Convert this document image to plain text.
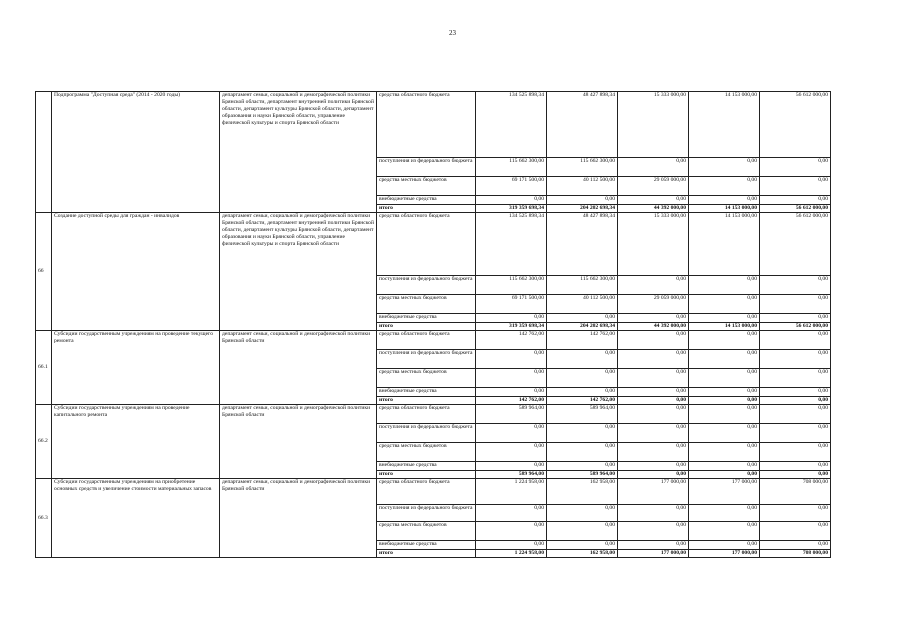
23
	Подпрограмма "Доступная среда" (2014 - 2020 годы)	департамент семьи, социальной и демографической политики Брянской области, департамент внутренней политики Брянской области, департамент культуры Брянской области, департамент образования и науки Брянской области, управление физической культуры и спорта Брянской области	средства областного бюджета	134 525 898,34	48 427 898,34	15 333 000,00	14 153 000,00	56 612 000,00
			поступления из федерального бюджета	115 662 300,00	115 662 300,00	0,00	0,00	0,00
			средства местных бюджетов	69 171 500,00	40 112 500,00	29 059 000,00	0,00	0,00
			внебюджетные средства	0,00	0,00	0,00	0,00	0,00
			итого	319 359 698,34	204 202 698,34	44 392 000,00	14 153 000,00	56 612 000,00
66	Создание доступной среды для граждан - инвалидов	департамент семьи, социальной и демографической политики Брянской области, департамент внутренней политики Брянской области, департамент культуры Брянской области, департамент образования и науки Брянской области, управление физической культуры и спорта Брянской области	средства областного бюджета	134 525 898,34	48 427 898,34	15 333 000,00	14 153 000,00	56 612 000,00
			поступления из федерального бюджета	115 662 300,00	115 662 300,00	0,00	0,00	0,00
			средства местных бюджетов	69 171 500,00	40 112 500,00	29 059 000,00	0,00	0,00
			внебюджетные средства	0,00	0,00	0,00	0,00	0,00
			итого	319 359 698,34	204 202 698,34	44 392 000,00	14 153 000,00	56 612 000,00
66.1	Субсидии государственным учреждениям на проведение текущего ремонта	департамент семьи, социальной и демографической политики Брянской области	средства областного бюджета	142 762,00	142 762,00	0,00	0,00	0,00
			поступления из федерального бюджета	0,00	0,00	0,00	0,00	0,00
			средства местных бюджетов	0,00	0,00	0,00	0,00	0,00
			внебюджетные средства	0,00	0,00	0,00	0,00	0,00
			итого	142 762,00	142 762,00	0,00	0,00	0,00
66.2	Субсидии государственным учреждениям на проведение капитального ремонта	департамент семьи, социальной и демографической политики Брянской области	средства областного бюджета	589 964,00	589 964,00	0,00	0,00	0,00
			поступления из федерального бюджета	0,00	0,00	0,00	0,00	0,00
			средства местных бюджетов	0,00	0,00	0,00	0,00	0,00
			внебюджетные средства	0,00	0,00	0,00	0,00	0,00
			итого	589 964,00	589 964,00	0,00	0,00	0,00
66.3	Субсидии государственным учреждениям на приобретение основных средств и увеличение стоимости материальных запасов	департамент семьи, социальной и демографической политики Брянской области	средства областного бюджета	1 224 958,00	162 958,00	177 000,00	177 000,00	708 000,00
			поступления из федерального бюджета	0,00	0,00	0,00	0,00	0,00
			средства местных бюджетов	0,00	0,00	0,00	0,00	0,00
			внебюджетные средства	0,00	0,00	0,00	0,00	0,00
			итого	1 224 958,00	162 958,00	177 000,00	177 000,00	708 000,00
